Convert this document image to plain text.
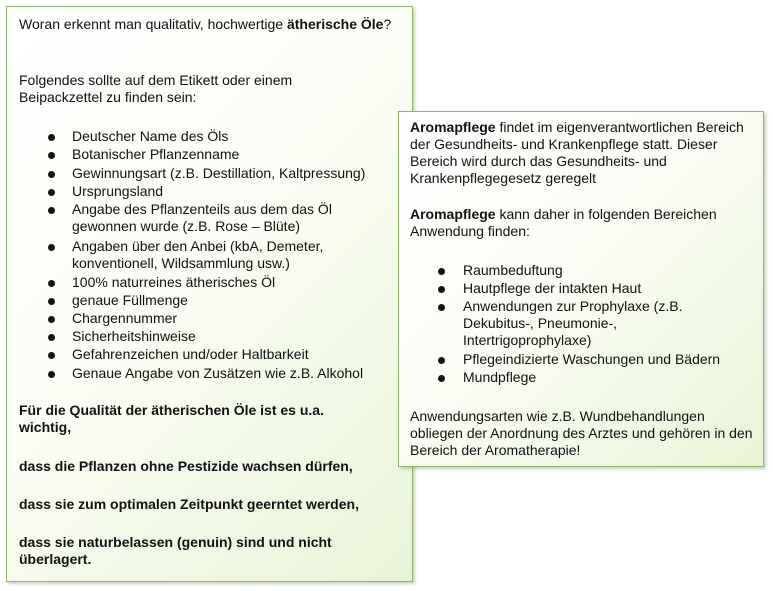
Woran erkennt man qualitativ, hochwertige ätherische Öle?

Folgendes sollte auf dem Etikett oder einem Beipackzettel zu finden sein:

Deutscher Name des Öls

Botanischer Pflanzenname

Gewinnungsart (z.B. Destillation, Kaltpressung)

Ursprungsland

Angabe des Pflanzenteils aus dem das Öl gewonnen wurde (z.B. Rose – Blüte)

Angaben über den Anbei (kbA, Demeter, konventionell, Wildsammlung usw.)

100% naturreines ätherisches Öl

genaue Füllmenge

Chargennummer

Sicherheitshinweise

Gefahrenzeichen und/oder Haltbarkeit

Genaue Angabe von Zusätzen wie z.B. Alkohol

Für die Qualität der ätherischen Öle ist es u.a. wichtig,

dass die Pflanzen ohne Pestizide wachsen dürfen,

dass sie zum optimalen Zeitpunkt geerntet werden,

dass sie naturbelassen (genuin) sind und nicht überlagert.

Aromapflege findet im eigenverantwortlichen Bereich der Gesundheits- und Krankenpflege statt. Dieser Bereich wird durch das Gesundheits- und Krankenpflegegesetz geregelt

Aromapflege kann daher in folgenden Bereichen Anwendung finden:

Raumbeduftung

Hautpflege der intakten Haut

Anwendungen zur Prophylaxe (z.B. Dekubitus-, Pneumonie-, Intertrigoprophylaxe)

Pflegeindizierte Waschungen und Bädern

Mundpflege

Anwendungsarten wie z.B. Wundbehandlungen obliegen der Anordnung des Arztes und gehören in den Bereich der Aromatherapie!
